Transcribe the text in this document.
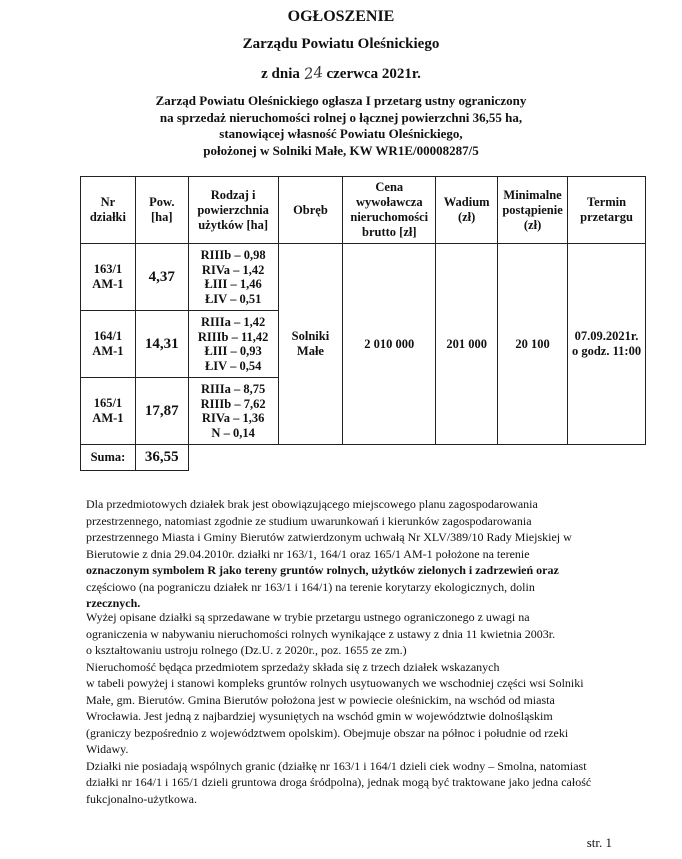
OGŁOSZENIE
Zarządu Powiatu Oleśnickiego
z dnia 24 czerwca 2021r.
Zarząd Powiatu Oleśnickiego ogłasza I przetarg ustny ograniczony
na sprzedaż nieruchomości rolnej o łącznej powierzchni 36,55 ha,
stanowiącej własność Powiatu Oleśnickiego,
położonej w Solniki Małe, KW WR1E/00008287/5
Nr działki	Pow. [ha]	Rodzaj i powierzchnia użytków [ha]	Obręb	Cena wywoławcza nieruchomości brutto [zł]	Wadium (zł)	Minimalne postąpienie (zł)	Termin przetargu
163/1 AM-1	4,37	RIIIb – 0,98
RIVa – 1,42
ŁIII – 1,46
ŁIV – 0,51	Solniki Małe	2 010 000	201 000	20 100	07.09.2021r. o godz. 11:00
164/1 AM-1	14,31	RIIIa – 1,42
RIIIb – 11,42
ŁIII – 0,93
ŁIV – 0,54					

165/1 AM-1	17,87	RIIIa – 8,75
RIIIb – 7,62
RIVa – 1,36
N – 0,14					

Suma:	36,55						
Dla przedmiotowych działek brak jest obowiązującego miejscowego planu zagospodarowania
przestrzennego, natomiast zgodnie ze studium uwarunkowań i kierunków zagospodarowania
przestrzennego Miasta i Gminy Bierutów zatwierdzonym uchwałą Nr XLV/389/10 Rady Miejskiej w
Bierutowie z dnia 29.04.2010r. działki nr 163/1, 164/1 oraz 165/1 AM-1 położone na terenie
oznaczonym symbolem R jako tereny gruntów rolnych, użytków zielonych i zadrzewień oraz
częściowo (na pograniczu działek nr 163/1 i 164/1) na terenie korytarzy ekologicznych, dolin
rzecznych.
Wyżej opisane działki są sprzedawane w trybie przetargu ustnego ograniczonego z uwagi na
ograniczenia w nabywaniu nieruchomości rolnych wynikające z ustawy z dnia 11 kwietnia 2003r.
o kształtowaniu ustroju rolnego (Dz.U. z 2020r., poz. 1655 ze zm.)
Nieruchomość będąca przedmiotem sprzedaży składa się z trzech działek wskazanych
w tabeli powyżej i stanowi kompleks gruntów rolnych usytuowanych we wschodniej części wsi Solniki
Małe, gm. Bierutów. Gmina Bierutów położona jest w powiecie oleśnickim, na wschód od miasta
Wrocławia. Jest jedną z najbardziej wysuniętych na wschód gmin w województwie dolnośląskim
(graniczy bezpośrednio z województwem opolskim). Obejmuje obszar na północ i południe od rzeki
Widawy.
Działki nie posiadają wspólnych granic (działkę nr 163/1 i 164/1 dzieli ciek wodny – Smolna, natomiast
działki nr 164/1 i 165/1 dzieli gruntowa droga śródpolna), jednak mogą być traktowane jako jedna całość
fukcjonalno-użytkowa.
str. 1
